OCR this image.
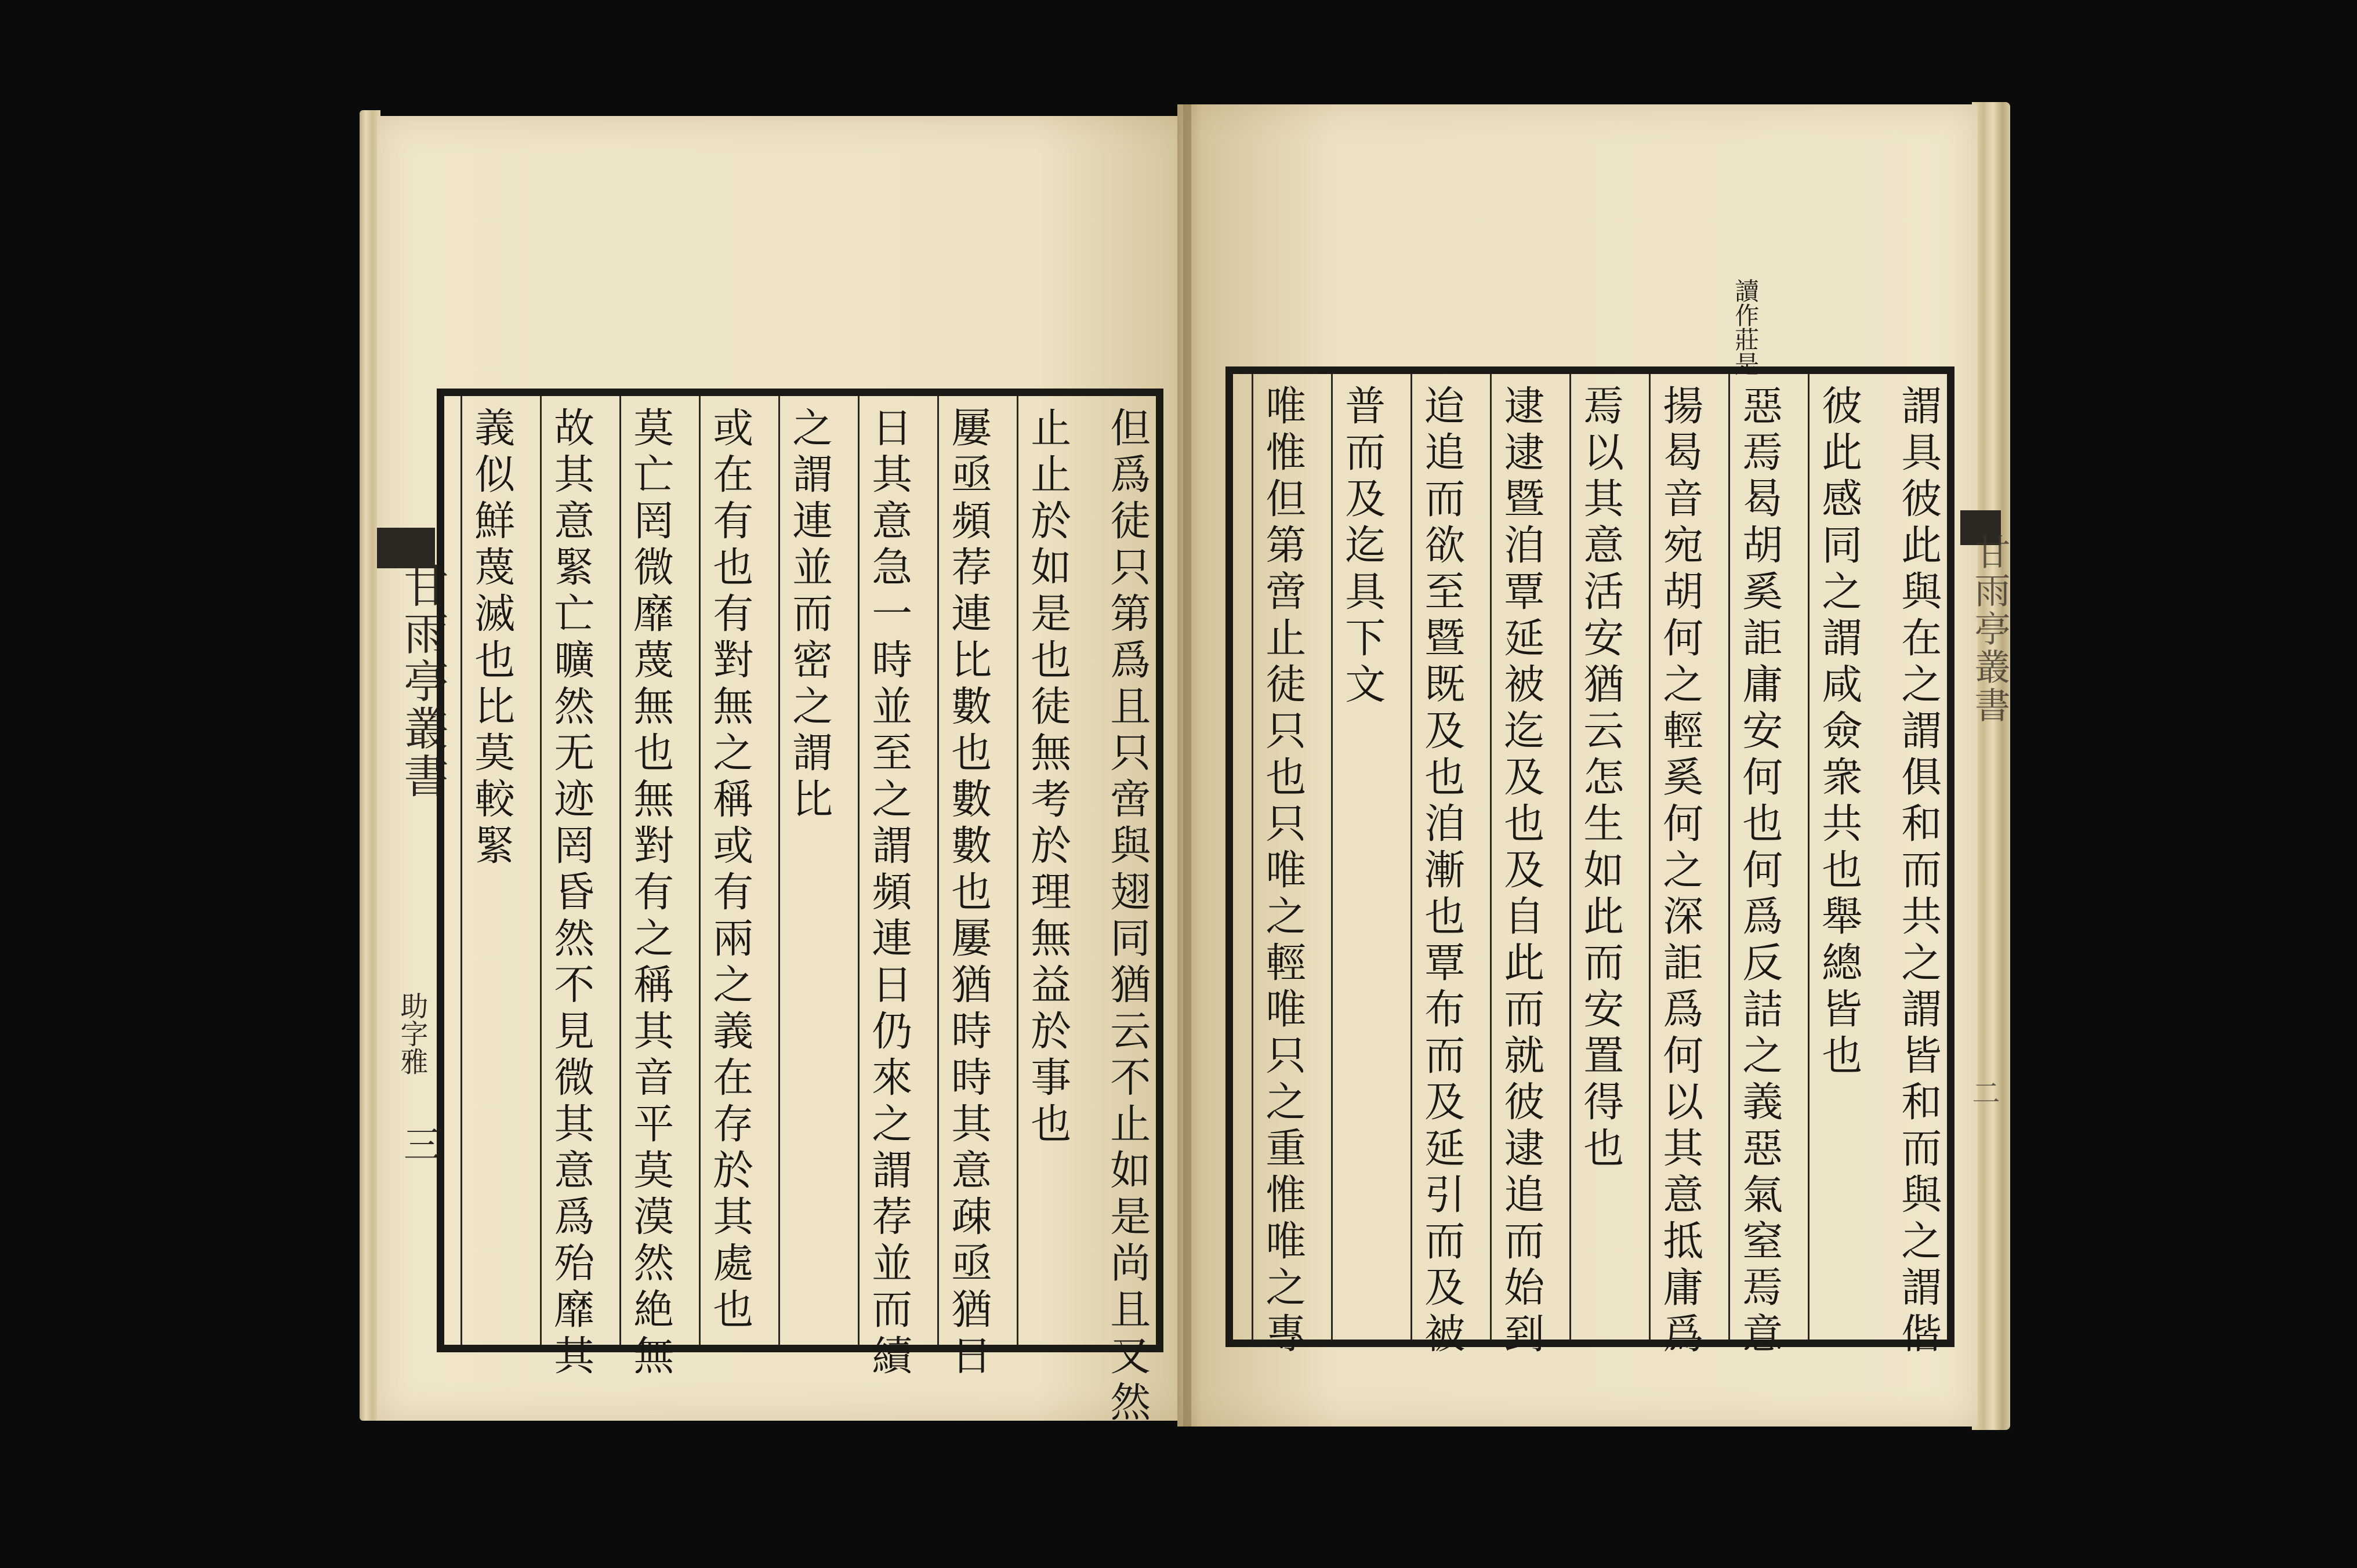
甘雨亭叢書
助字雅
三	但爲徒只第爲且只啻與翅同猶云不止如是尚且又然
止止於如是也徒無考於理無益於事也
屢亟頻荐連比數也數數也屢猶時時其意疎亟猶日
日其意急一時並至之謂頻連日仍來之謂荐並而續
之謂連並而密之謂比
或在有也有對無之稱或有兩之義在存於其處也
莫亡罔微靡蔑無也無對有之稱其音平莫漠然絶無
故其意緊亡曠然无迹罔昏然不見微其意爲殆靡其
義似鮮蔑滅也比莫較緊
讀作莊是
謂具彼此與在之謂俱和而共之謂皆和而與之謂偕
彼此感同之謂咸僉衆共也舉總皆也
惡焉曷胡奚詎庸安何也何爲反詰之義惡氣窒焉意
揚曷音宛胡何之輕奚何之深詎爲何以其意抵庸爲
焉以其意活安猶云怎生如此而安置得也
逮逮暨洎覃延被迄及也及自此而就彼逮追而始到
迨追而欲至暨既及也洎漸也覃布而及延引而及被
普而及迄具下文
唯惟但第啻止徒只也只唯之輕唯只之重惟唯之專	甘雨亭叢書
二
